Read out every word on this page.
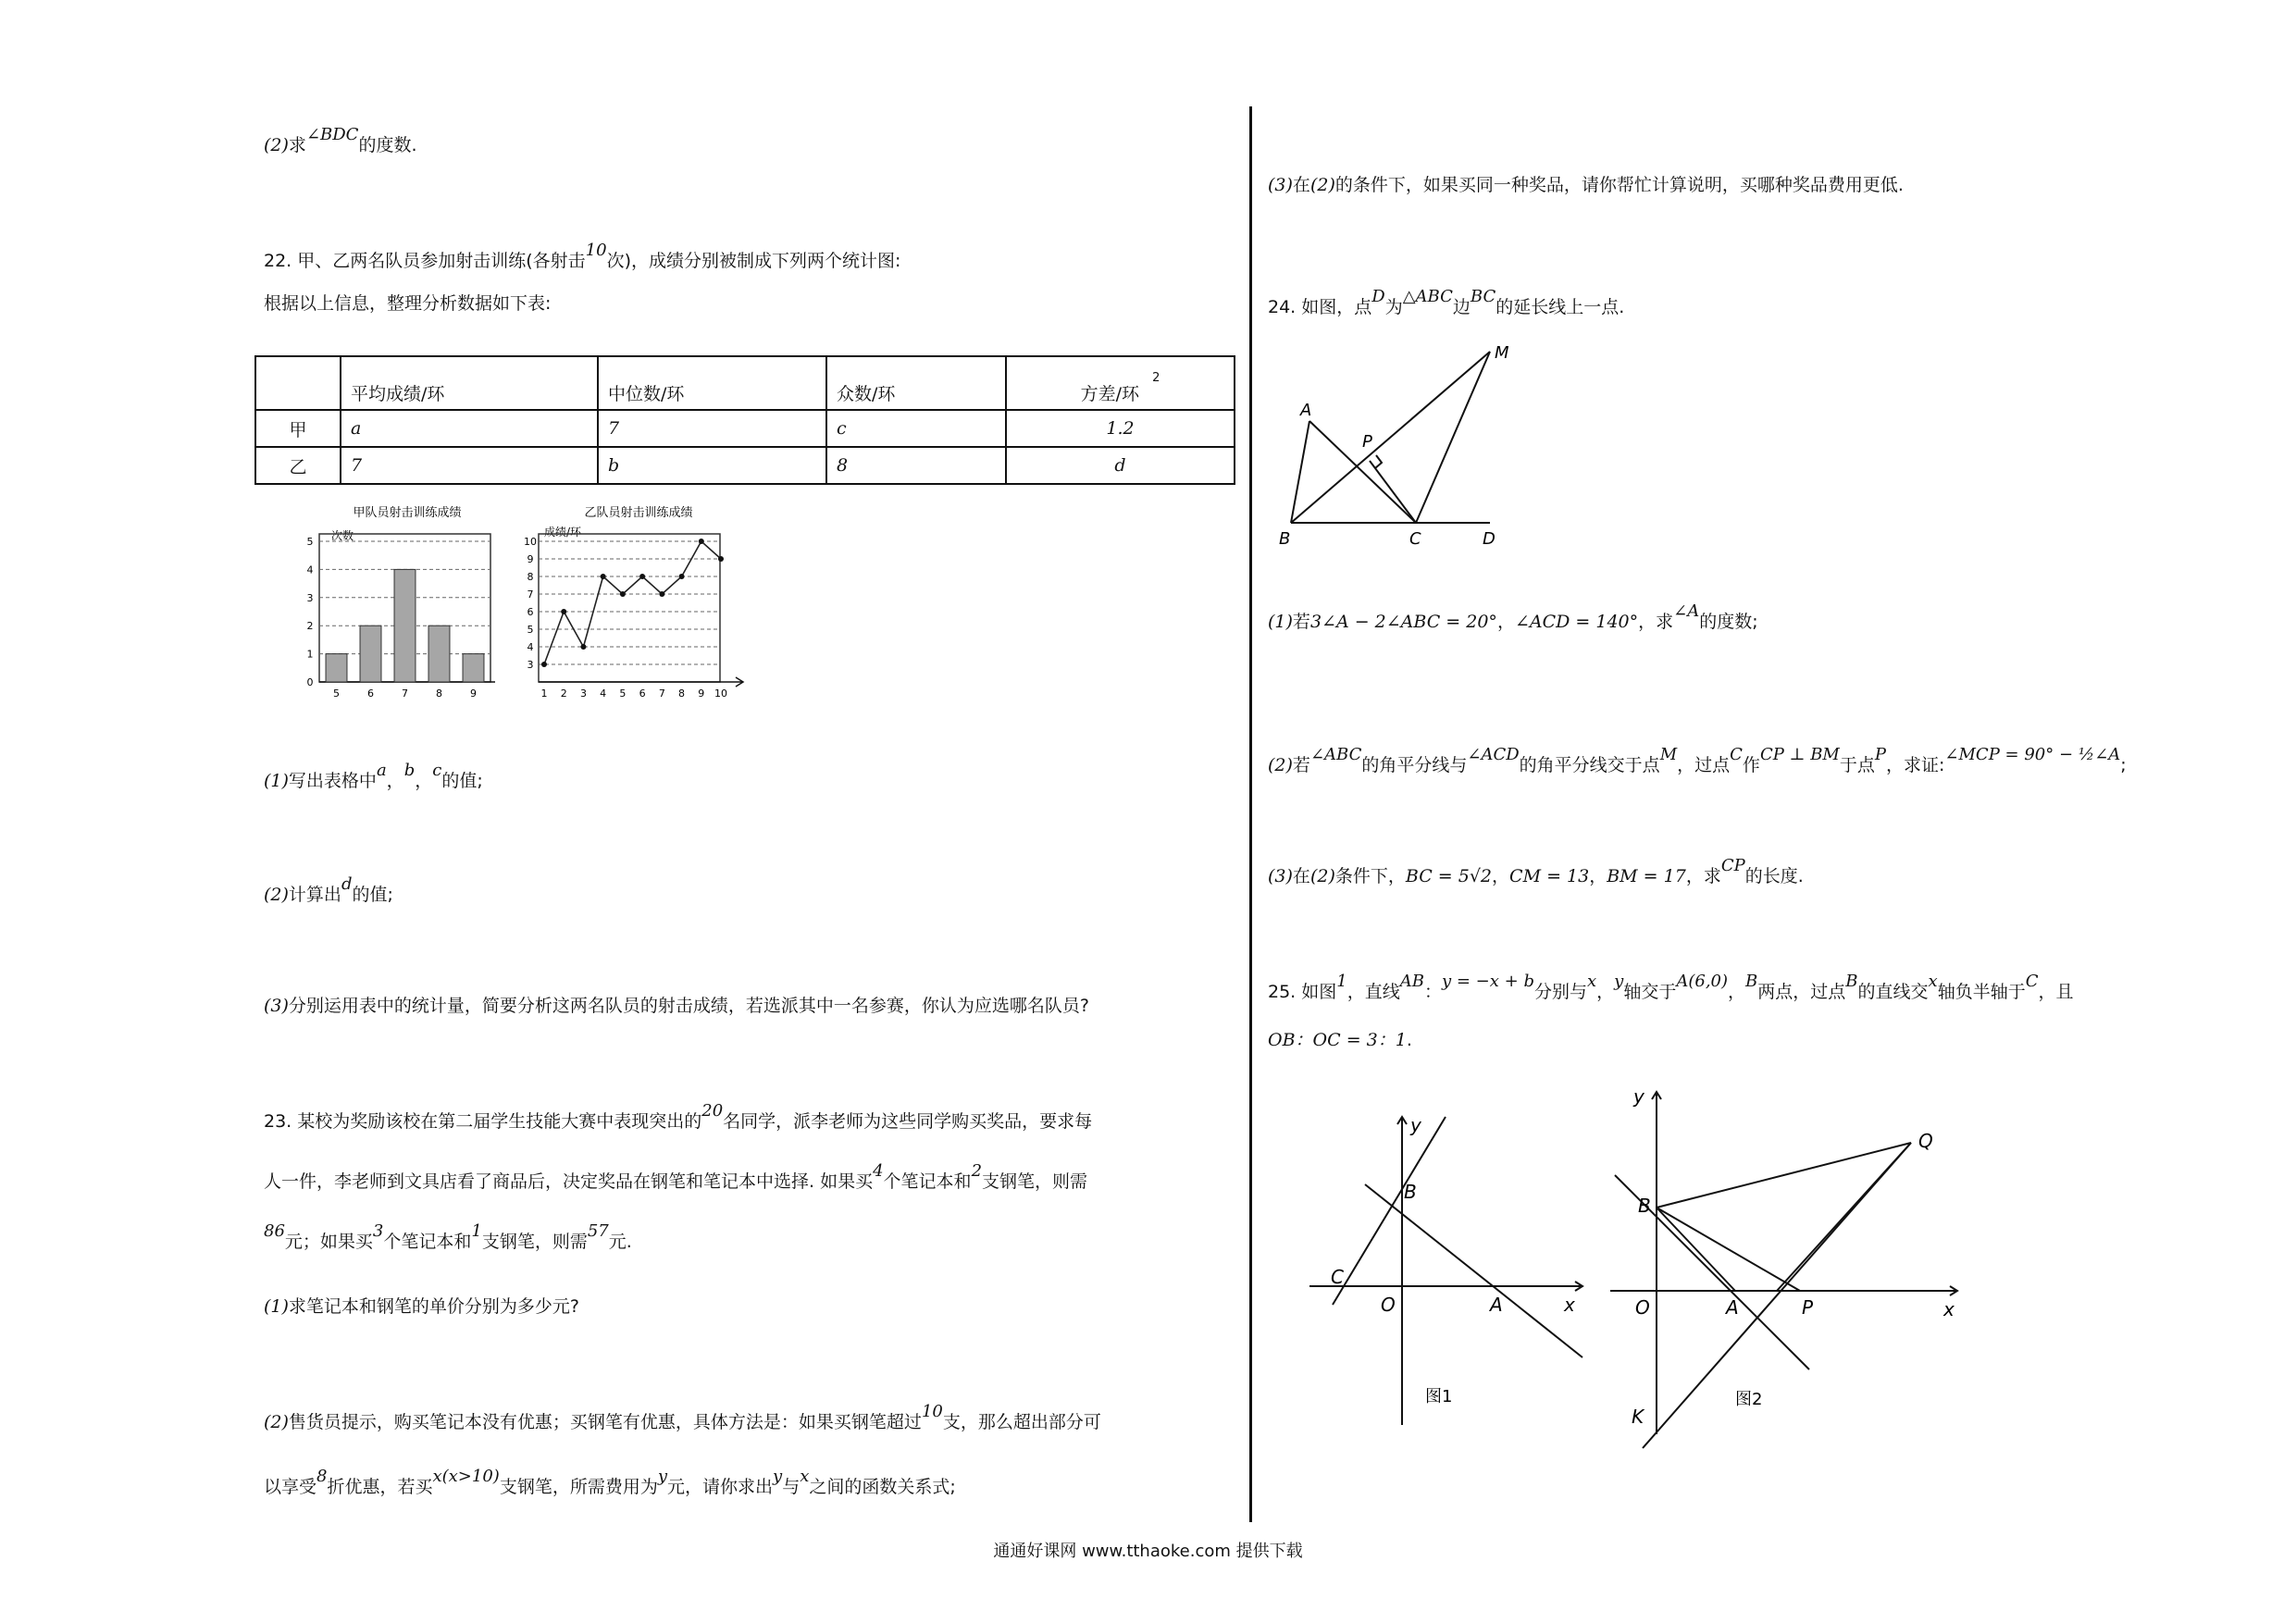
(2)求∠BDC的度数.
22. 甲、乙两名队员参加射击训练(各射击10次)，成绩分别被制成下列两个统计图:
根据以上信息，整理分析数据如下表:
	平均成绩/环	中位数/环	众数/环	方差/环$^2$
甲	a	7	c	1.2
乙	7	b	8	d
甲队员射击训练成绩
次数
0
1
2
3
4
5
5	6	7	8	9
乙队员射击训练成绩
成绩/环
3
4
5
6
7
8
9
10
1 2 3 4 5 6 7 8 9 10
(1)写出表格中a，b，c的值;
(2)计算出d的值;
(3)分别运用表中的统计量，简要分析这两名队员的射击成绩，若选派其中一名参赛，你认为应选哪名队员?
23. 某校为奖励该校在第二届学生技能大赛中表现突出的20名同学，派李老师为这些同学购买奖品，要求每
人一件，李老师到文具店看了商品后，决定奖品在钢笔和笔记本中选择. 如果买4个笔记本和2支钢笔，则需
86元；如果买3个笔记本和1支钢笔，则需57元.
(1)求笔记本和钢笔的单价分别为多少元?
(2)售货员提示，购买笔记本没有优惠；买钢笔有优惠，具体方法是：如果买钢笔超过10支，那么超出部分可
以享受8折优惠，若买x(x>10)支钢笔，所需费用为y元，请你求出y与x之间的函数关系式;
(3)在(2)的条件下，如果买同一种奖品，请你帮忙计算说明，买哪种奖品费用更低.
24. 如图，点D为△ABC边BC的延长线上一点.
A
B	C	D
P
M
(1)若3∠A − 2∠ABC = 20°，∠ACD = 140°，求∠A的度数;
(2)若∠ABC的角平分线与∠ACD的角平分线交于点M，过点C作CP ⊥ BM于点P，求证:∠MCP = 90° − ½∠A;
(3)在(2)条件下，BC = 5√2，CM = 13，BM = 17，求CP的长度.
25. 如图1，直线AB：y = −x + b分别与x，y轴交于A(6,0)，B两点，过点B的直线交x轴负半轴于C，且
OB：OC = 3：1.
y
x
B
C
O	A
图1
y
x
B
Q
O	A	P
K
图2
通通好课网 www.tthaoke.com 提供下载
